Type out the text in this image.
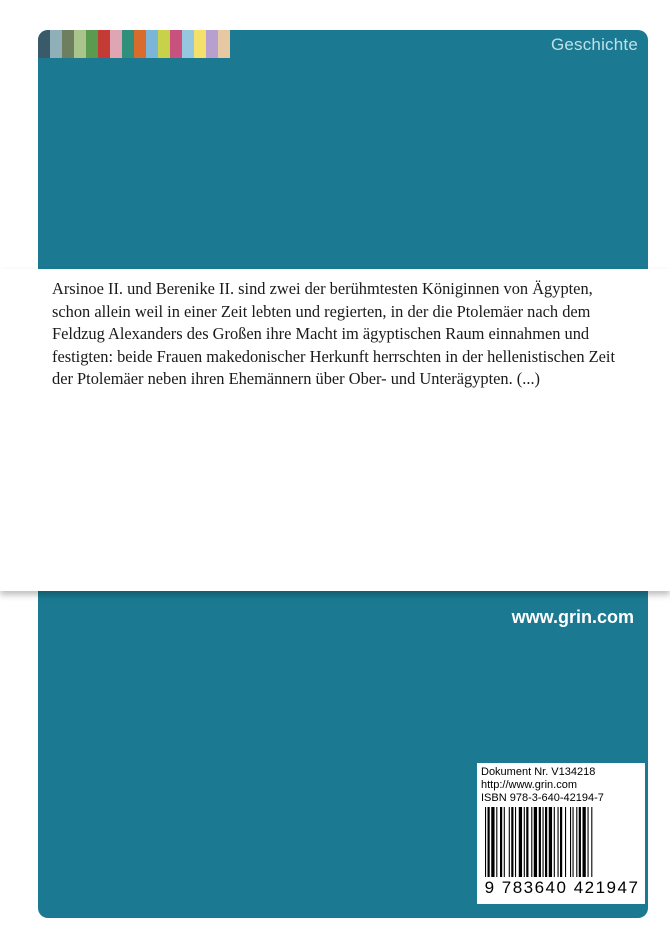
Geschichte
www.grin.com
Dokument Nr. V134218
http://www.grin.com
ISBN 978-3-640-42194-7
9 783640 421947

Arsinoe II. und Berenike II. sind zwei der berühmtesten Königinnen von Ägypten, schon allein weil in einer Zeit lebten und regierten, in der die Ptolemäer nach dem Feldzug Alexanders des Großen ihre Macht im ägyptischen Raum einnahmen und festigten: beide Frauen makedonischer Herkunft herrschten in der hellenistischen Zeit der Ptolemäer neben ihren Ehemännern über Ober- und Unterägypten. (...)
